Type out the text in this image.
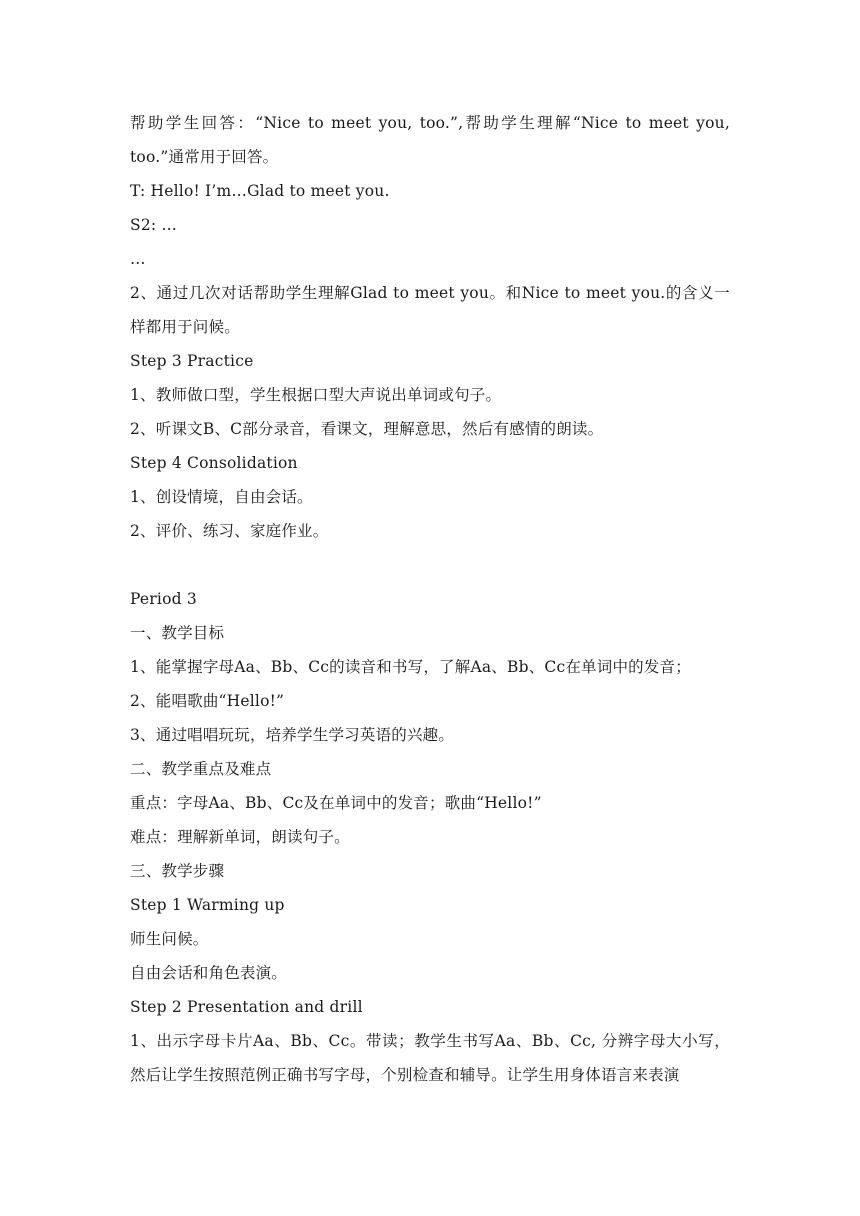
帮助学生回答：“Nice to meet you, too.”,帮助学生理解“Nice to meet you, too.”通常用于回答。
T: Hello! I’m…Glad to meet you.
S2: …
…
2、通过几次对话帮助学生理解Glad to meet you。和Nice to meet you.的含义一样都用于问候。
Step 3 Practice
1、教师做口型，学生根据口型大声说出单词或句子。
2、听课文B、C部分录音，看课文，理解意思，然后有感情的朗读。
Step 4 Consolidation
1、创设情境，自由会话。
2、评价、练习、家庭作业。
Period 3
一、教学目标
1、能掌握字母Aa、Bb、Cc的读音和书写，了解Aa、Bb、Cc在单词中的发音；
2、能唱歌曲“Hello!”
3、通过唱唱玩玩，培养学生学习英语的兴趣。
二、教学重点及难点
重点：字母Aa、Bb、Cc及在单词中的发音；歌曲“Hello!”
难点：理解新单词，朗读句子。
三、教学步骤
Step 1 Warming up
师生问候。
自由会话和角色表演。
Step 2 Presentation and drill
1、出示字母卡片Aa、Bb、Cc。带读；教学生书写Aa、Bb、Cc, 分辨字母大小写，然后让学生按照范例正确书写字母，个别检查和辅导。让学生用身体语言来表演
